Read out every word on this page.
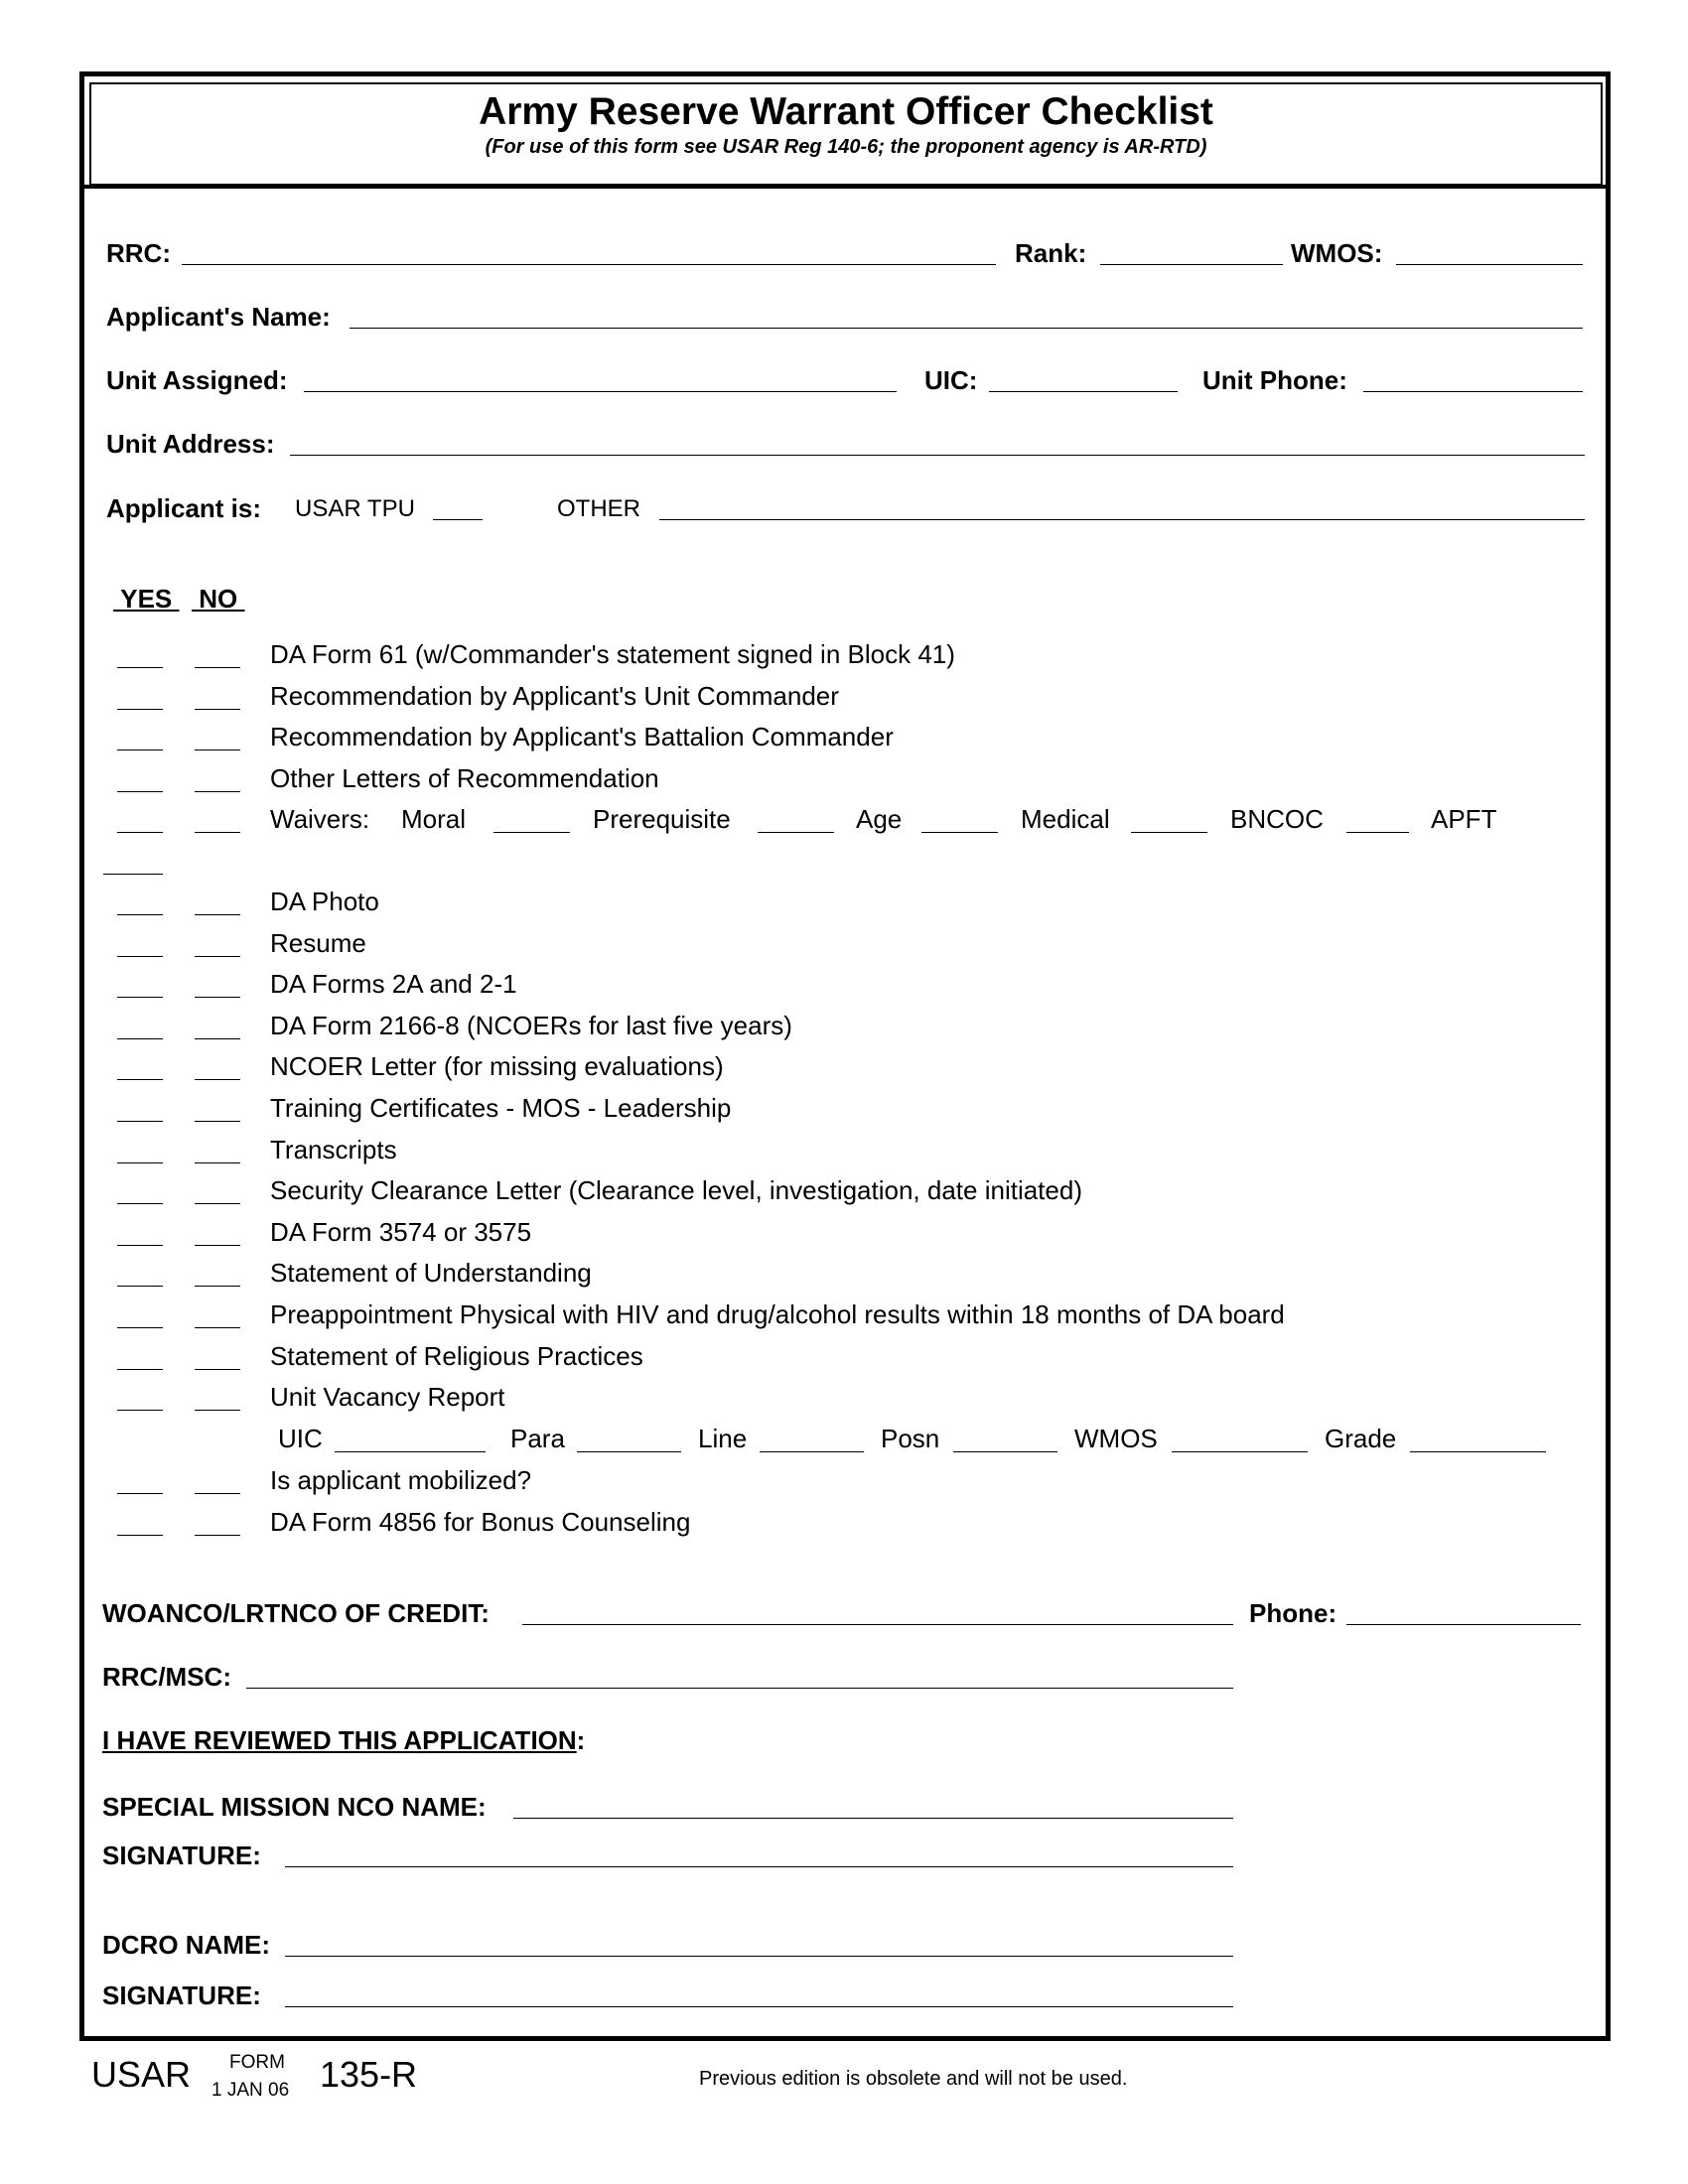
Army Reserve Warrant Officer Checklist
(For use of this form see USAR Reg 140-6; the proponent agency is AR-RTD)
RRC:	Rank:	WMOS:
Applicant's Name:
Unit Assigned:	UIC:	Unit Phone:
Unit Address:
Applicant is: USAR TPU	OTHER
YES NO
DA Form 61 (w/Commander's statement signed in Block 41)
Recommendation by Applicant's Unit Commander
Recommendation by Applicant's Battalion Commander
Other Letters of Recommendation
Waivers: Moral	Prerequisite	Age	Medical	BNCOC	APFT
DA Photo
Resume
DA Forms 2A and 2-1
DA Form 2166-8 (NCOERs for last five years)
NCOER Letter (for missing evaluations)
Training Certificates - MOS - Leadership
Transcripts
Security Clearance Letter (Clearance level, investigation, date initiated)
DA Form 3574 or 3575
Statement of Understanding
Preappointment Physical with HIV and drug/alcohol results within 18 months of DA board
Statement of Religious Practices
Unit Vacancy Report
UIC	Para	Line	Posn	WMOS	Grade
Is applicant mobilized?
DA Form 4856 for Bonus Counseling
WOANCO/LRTNCO OF CREDIT:	Phone:
RRC/MSC:
I HAVE REVIEWED THIS APPLICATION:
SPECIAL MISSION NCO NAME:
SIGNATURE:
DCRO NAME:
SIGNATURE:
USAR FORM
1 JAN 06 135-R	Previous edition is obsolete and will not be used.
